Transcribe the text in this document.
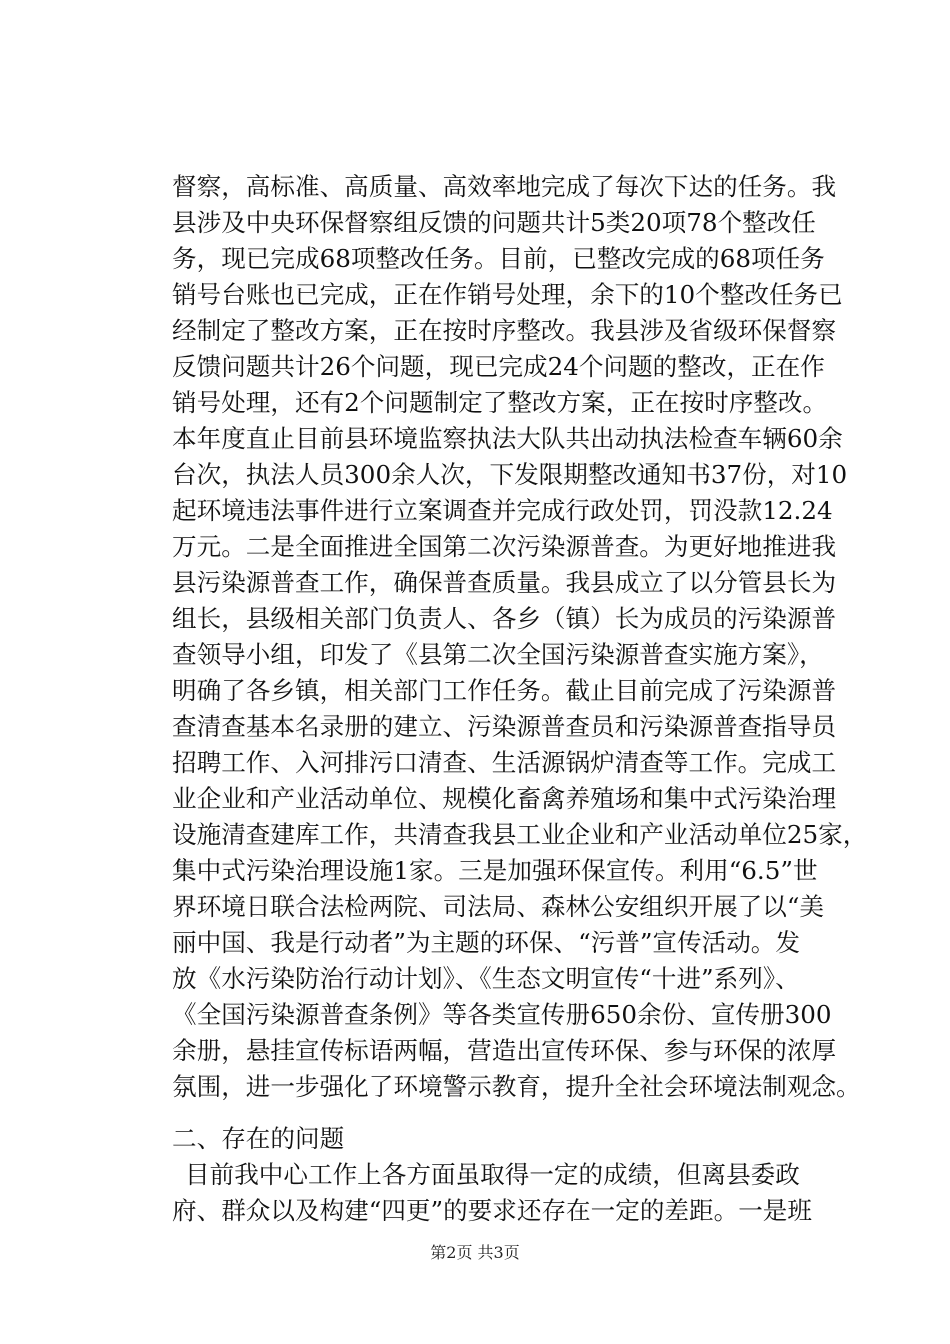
督察，高标准、高质量、高效率地完成了每次下达的任务。我
县涉及中央环保督察组反馈的问题共计5类20项78个整改任
务，现已完成68项整改任务。目前，已整改完成的68项任务
销号台账也已完成，正在作销号处理，余下的10个整改任务已
经制定了整改方案，正在按时序整改。我县涉及省级环保督察
反馈问题共计26个问题，现已完成24个问题的整改，正在作
销号处理，还有2个问题制定了整改方案，正在按时序整改。
本年度直止目前县环境监察执法大队共出动执法检查车辆60余
台次，执法人员300余人次，下发限期整改通知书37份，对10
起环境违法事件进行立案调查并完成行政处罚，罚没款12.24
万元。二是全面推进全国第二次污染源普查。为更好地推进我
县污染源普查工作，确保普查质量。我县成立了以分管县长为
组长，县级相关部门负责人、各乡（镇）长为成员的污染源普
查领导小组，印发了《县第二次全国污染源普查实施方案》，
明确了各乡镇，相关部门工作任务。截止目前完成了污染源普
查清查基本名录册的建立、污染源普查员和污染源普查指导员
招聘工作、入河排污口清查、生活源锅炉清查等工作。完成工
业企业和产业活动单位、规模化畜禽养殖场和集中式污染治理
设施清查建库工作，共清查我县工业企业和产业活动单位25家，
集中式污染治理设施1家。三是加强环保宣传。利用“6.5”世
界环境日联合法检两院、司法局、森林公安组织开展了以“美
丽中国、我是行动者”为主题的环保、“污普”宣传活动。发
放《水污染防治行动计划》、《生态文明宣传“十进”系列》、
《全国污染源普查条例》等各类宣传册650余份、宣传册300
余册，悬挂宣传标语两幅，营造出宣传环保、参与环保的浓厚
氛围，进一步强化了环境警示教育，提升全社会环境法制观念。
二、存在的问题
目前我中心工作上各方面虽取得一定的成绩，但离县委政
府、群众以及构建“四更”的要求还存在一定的差距。一是班
第2页 共3页
